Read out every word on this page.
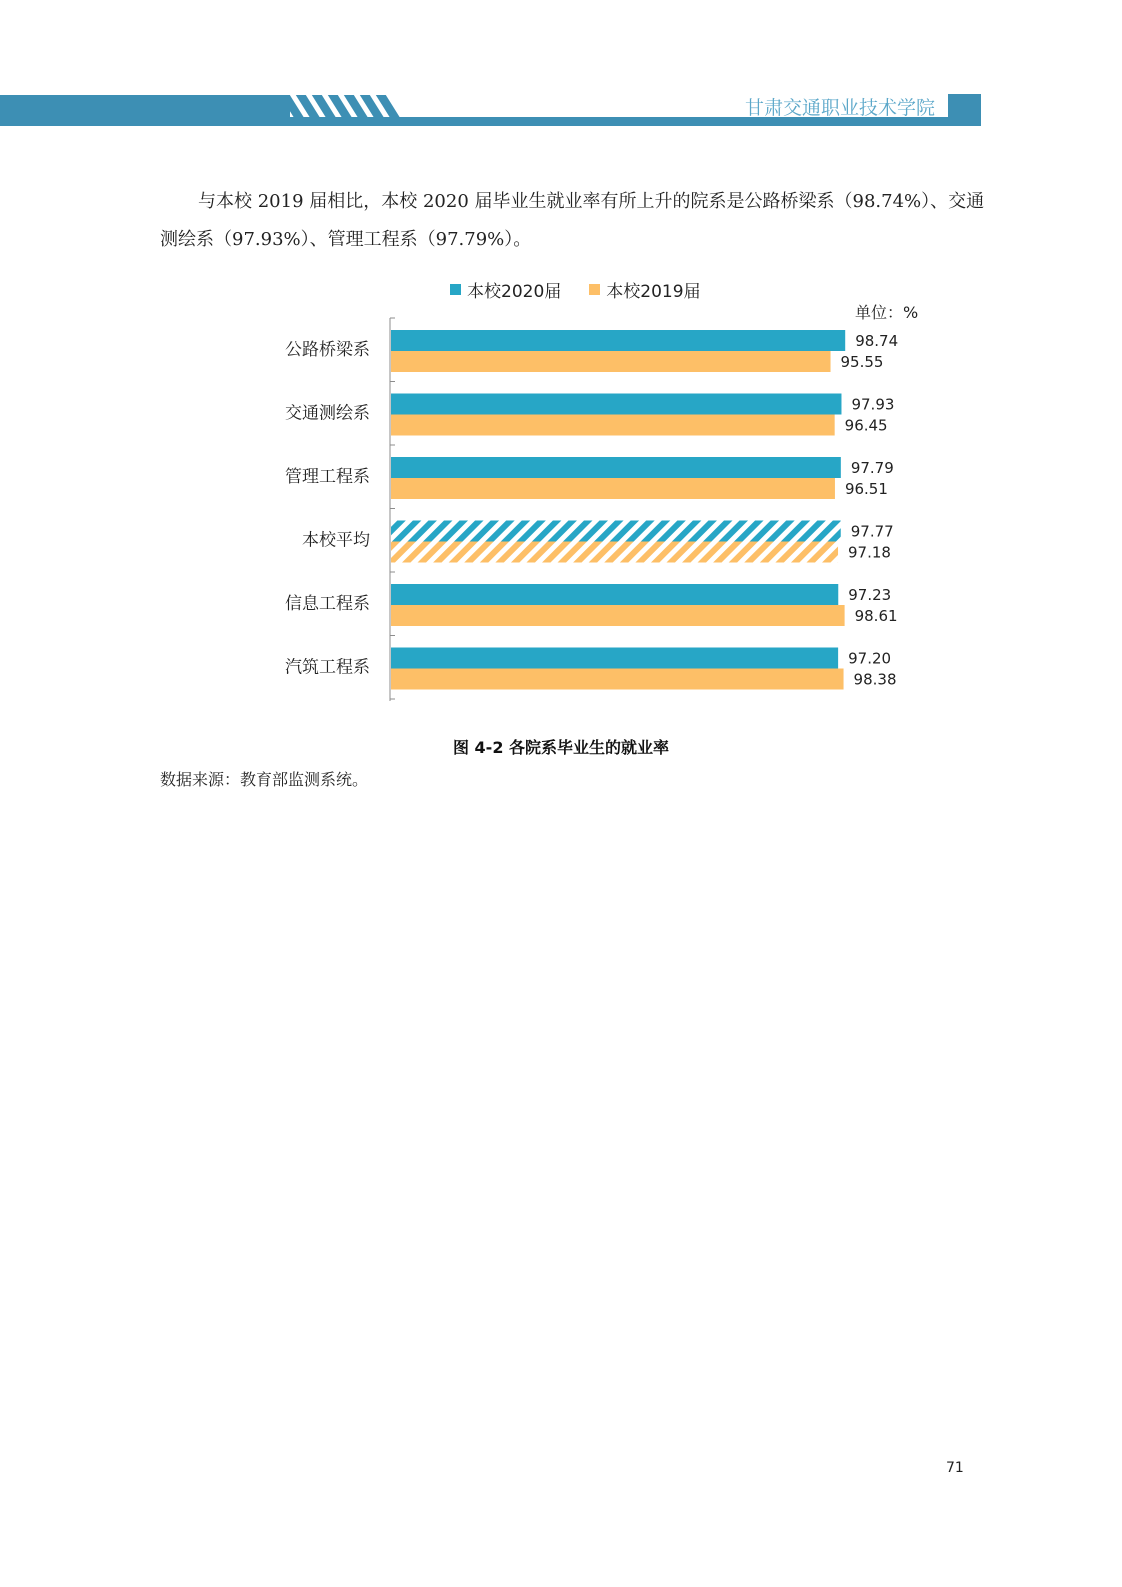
甘肃交通职业技术学院
与本校 2019 届相比，本校 2020 届毕业生就业率有所上升的院系是公路桥梁系（98.74%）、交通测绘系（97.93%）、管理工程系（97.79%）。
本校2020届	本校2019届
单位：%
公路桥梁系	98.74
95.55
交通测绘系	97.93
96.45
管理工程系	97.79
96.51
本校平均	97.77
97.18
信息工程系	97.23
98.61
汽筑工程系	97.20
98.38
图 4-2 各院系毕业生的就业率
数据来源：教育部监测系统。
71
